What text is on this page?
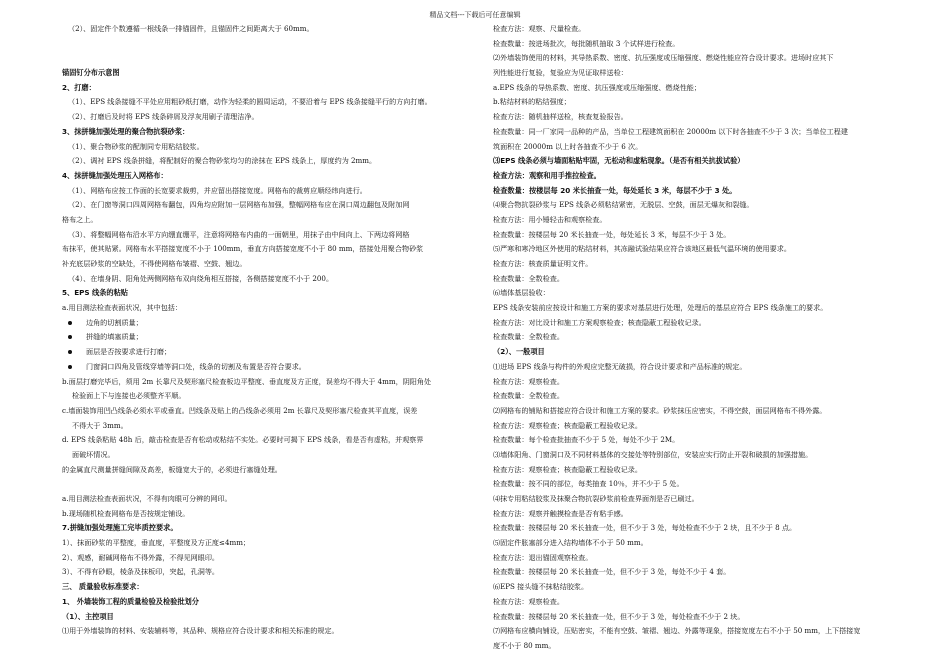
精品文档---下载后可任意编辑
（2）、固定件个数遵循一根线条一排锚固件，且锚固件之间距离大于 60mm。
锚固钉分布示意图
2、打磨：
（1）、EPS 线条接缝不平处应用粗砂纸打磨，动作为轻柔的圆周运动，不要沿着与 EPS 线条接缝平行的方向打磨。
（2）、打磨后及时将 EPS 线条碎屑及浮灰用刷子清理洁净。
3、抹拼缝加强处理的聚合物抗裂砂浆：
（1）、聚合物砂浆的配制同专用粘结胶浆。
（2）、调衬 EPS 线条拼缝，将配制好的聚合物砂浆均匀的涂抹在 EPS 线条上，厚度约为 2mm。
4、抹拼缝加强处理压入网格布：
（1）、网格布应按工作面的长宽要求裁剪，并应留出搭接宽度。网格布的裁剪应顺经纬向进行。
（2）、在门窗等洞口四周网格布翻包，四角均应附加一层网格布加强，整幅网格布应在洞口周边翻包及附加网
格布之上。
（3）、将整幅网格布沿水平方向绷直绷平，注意将网格布内曲的一面朝里，用抹子由中间向上、下两边将网格
布抹平，使其贴紧。网格布水平搭接宽度不小于 100mm，垂直方向搭接宽度不小于 80 mm，搭接处用聚合物砂浆
补充底层砂浆的空缺处，不得使网格布皱褶、空鼓、翘边。
（4）、在墙身阴、阳角处两侧网格布双向绕角相互搭接，各侧搭接宽度不小于 200。
5、EPS 线条的粘贴
a.用目测法检查表面状况，其中包括：
边角的切割质量；
拼缝的填塞质量；
面层是否按要求进行打磨；
门窗洞口四角及管线穿墙等洞口处，线条的切割及布置是否符合要求。
b.面层打磨完毕后，须用 2m 长靠尺及契形塞尺检查板边平整度、垂直度及方正度，误差均不得大于 4mm，阴阳角处
检验面上下与连接也必须整齐平顺。
c.墙面装饰用凹凸线条必须水平或垂直。凹线条及贴上的凸线条必须用 2m 长靠尺及契形塞尺检查其平直度，误差
不得大于 3mm。
d. EPS 线条粘贴 48h 后，敲击检查是否有松动或粘结不实处。必要时可揭下 EPS 线条，看是否有虚粘，并观察界
面破坏情况。
的金属直尺测量拼缝间隙及高差，板缝宽大于的，必须进行塞缝处理。
a.用目测法检查表面状况，不得有肉眼可分辨的网印。
b.现场随机检查网格布是否按规定铺设。
7.拼缝加强处理施工完毕质控要求。
1）、抹面砂浆的平整度，垂直度，平整度及方正度≤4mm；
2）、观感，耐碱网格布不得外露，不得见网眼印。
3）、不得有砂眼，棱条及抹板印，突起，孔洞等。
三、 质量验收标准要求：
1、 外墙装饰工程的质量检验及检验批划分
（1）、主控项目
⑴用于外墙装饰的材料、安装辅料等，其品种、规格应符合设计要求和相关标准的规定。
检查方法：观察、尺量检查。
检查数量：按进场批次，每批随机抽取 3 个试样进行检查。
⑵外墙装饰使用的材料，其导热系数、密度、抗压强度或压缩强度、燃烧性能应符合设计要求。进场时应其下
列性能进行复验，复验应为见证取样送检：
a.EPS 线条的导热系数、密度、抗压强度或压缩强度、燃烧性能；
b.粘结材料的粘结强度；
检查方法：随机抽样送检，核查复验报告。
检查数量：同一厂家同一品种的产品，当单位工程建筑面积在 20000m 以下时各抽查不少于 3 次；当单位工程建
筑面积在 20000m 以上时各抽查不少于 6 次。
⑶EPS 线条必须与墙面粘贴牢固，无松动和虚粘现象。（是否有相关抗拔试验）
检查方法：观察和用手推拉检查。
检查数量：按楼层每 20 米长抽查一处，每处延长 3 米，每层不少于 3 处。
⑷聚合物抗裂砂浆与 EPS 线条必须粘结紧密，无脱层、空鼓，面层无爆灰和裂缝。
检查方法：用小锤轻击和观察检查。
检查数量：按楼层每 20 米长抽查一处，每处延长 3 米，每层不少于 3 处。
⑸严寒和寒冷地区外使用的粘结材料，其冻融试验结果应符合该地区最低气温环境的使用要求。
检查方法：核查质量证明文件。
检查数量：全数检查。
⑹墙体基层验收：
EPS 线条安装前应按设计和施工方案的要求对基层进行处理，处理后的基层应符合 EPS 线条施工的要求。
检查方法：对比设计和施工方案观察检查；核查隐蔽工程验收记录。
检查数量：全数检查。
（2）、一般项目
⑴进场 EPS 线条与构件的外观应完整无破损，符合设计要求和产品标准的规定。
检查方法：观察检查。
检查数量：全数检查。
⑵网格布的铺贴和搭接应符合设计和施工方案的要求。砂浆抹压应密实，不得空鼓，面层网格布不得外露。
检查方法：观察检查；核查隐蔽工程验收记录。
检查数量：每个检查批抽查不少于 5 处，每处不少于 2M。
⑶墙体阳角、门窗洞口及不同材料基体的交接处等特别部位，安装应实行防止开裂和破损的加强措施。
检查方法：观察检查；核查隐蔽工程验收记录。
检查数量：按不同的部位，每类抽查 10％，并不少于 5 处。
⑷抹专用粘结胶浆及抹聚合物抗裂砂浆前检查界面剂是否已刷过。
检查方法：观察并触摸检查是否有粘手感。
检查数量：按楼层每 20 米长抽查一处，但不少于 3 处，每处检查不少于 2 块，且不少于 8 点。
⑸固定件胀塞部分进入结构墙体不小于 50 mm。
检查方法：退出锚固观察检查。
检查数量：按楼层每 20 米长抽查一处，但不少于 3 处，每处不少于 4 套。
⑹EPS 接头缝不抹粘结胶浆。
检查方法：观察检查。
检查数量：按楼层每 20 米长抽查一处，但不少于 3 处，每处检查不少于 2 块。
⑺网格布应横向铺设，压贴密实，不能有空鼓、皱褶、翘边、外露等现象，搭接宽度左右不小于 50 mm，上下搭接宽
度不小于 80 mm。
